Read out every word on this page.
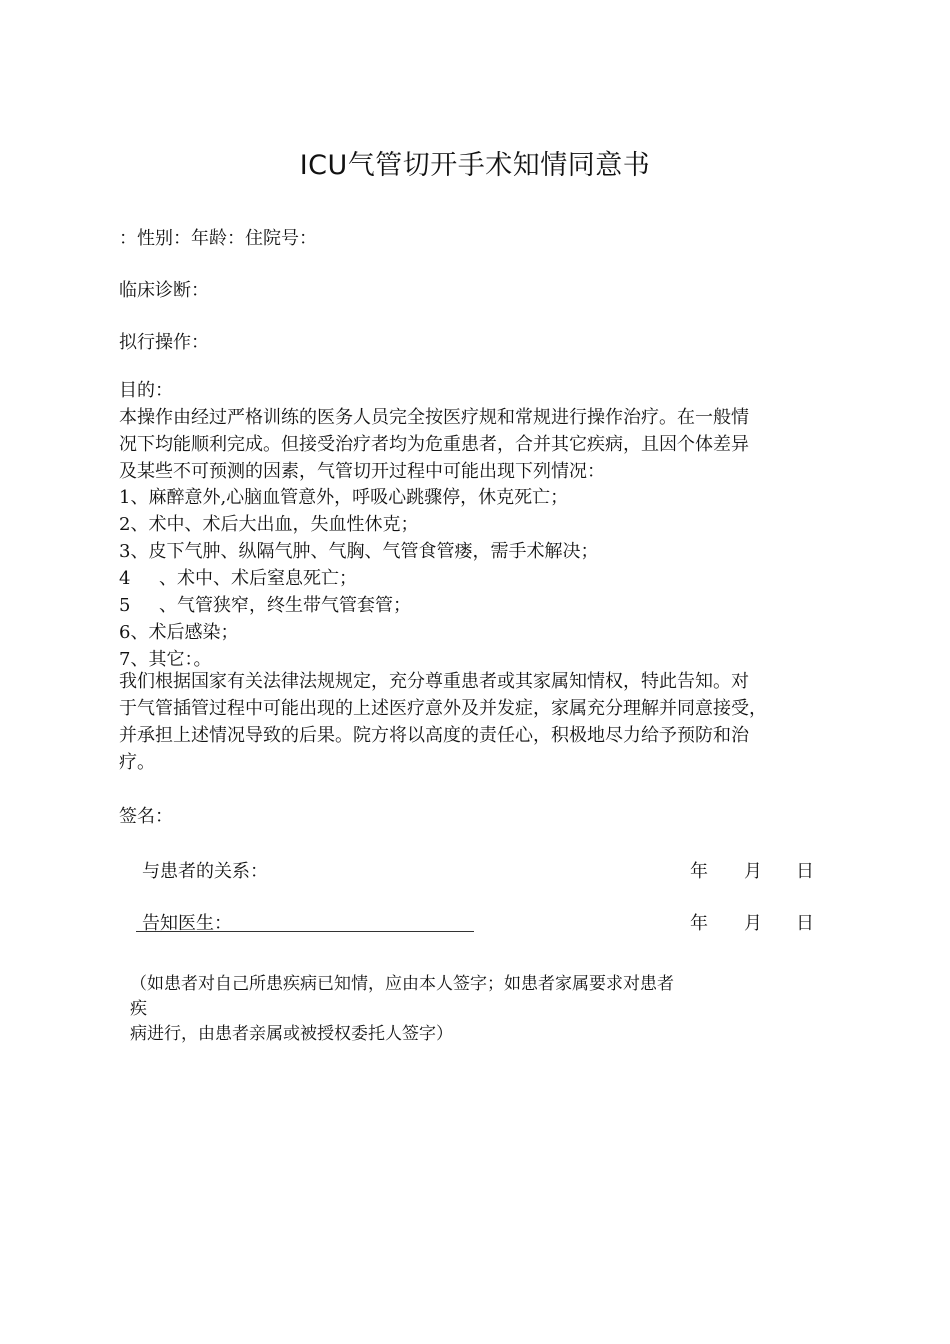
ICU气管切开手术知情同意书
：性别：年龄：住院号：
临床诊断：
拟行操作：

目的：

本操作由经过严格训练的医务人员完全按医疗规和常规进行操作治疗。在一般情

况下均能顺利完成。但接受治疗者均为危重患者，合并其它疾病，且因个体差异

及某些不可预测的因素，气管切开过程中可能出现下列情况：

1、麻醉意外,心脑血管意外，呼吸心跳骤停，休克死亡；
2、术中、术后大出血，失血性休克；
3、皮下气肿、纵隔气肿、气胸、气管食管瘘，需手术解决；
4 、术中、术后窒息死亡；
5 、气管狭窄，终生带气管套管；
6、术后感染；
7、其它：。

我们根据国家有关法律法规规定，充分尊重患者或其家属知情权，特此告知。对

于气管插管过程中可能出现的上述医疗意外及并发症，家属充分理解并同意接受，

并承担上述情况导致的后果。院方将以高度的责任心，积极地尽力给予预防和治

疗。

签名：
与患者的关系：	年 月 日
告知医生：	年 月 日

（如患者对自己所患疾病已知情，应由本人签字；如患者家属要求对患者

疾

病进行，由患者亲属或被授权委托人签字）
